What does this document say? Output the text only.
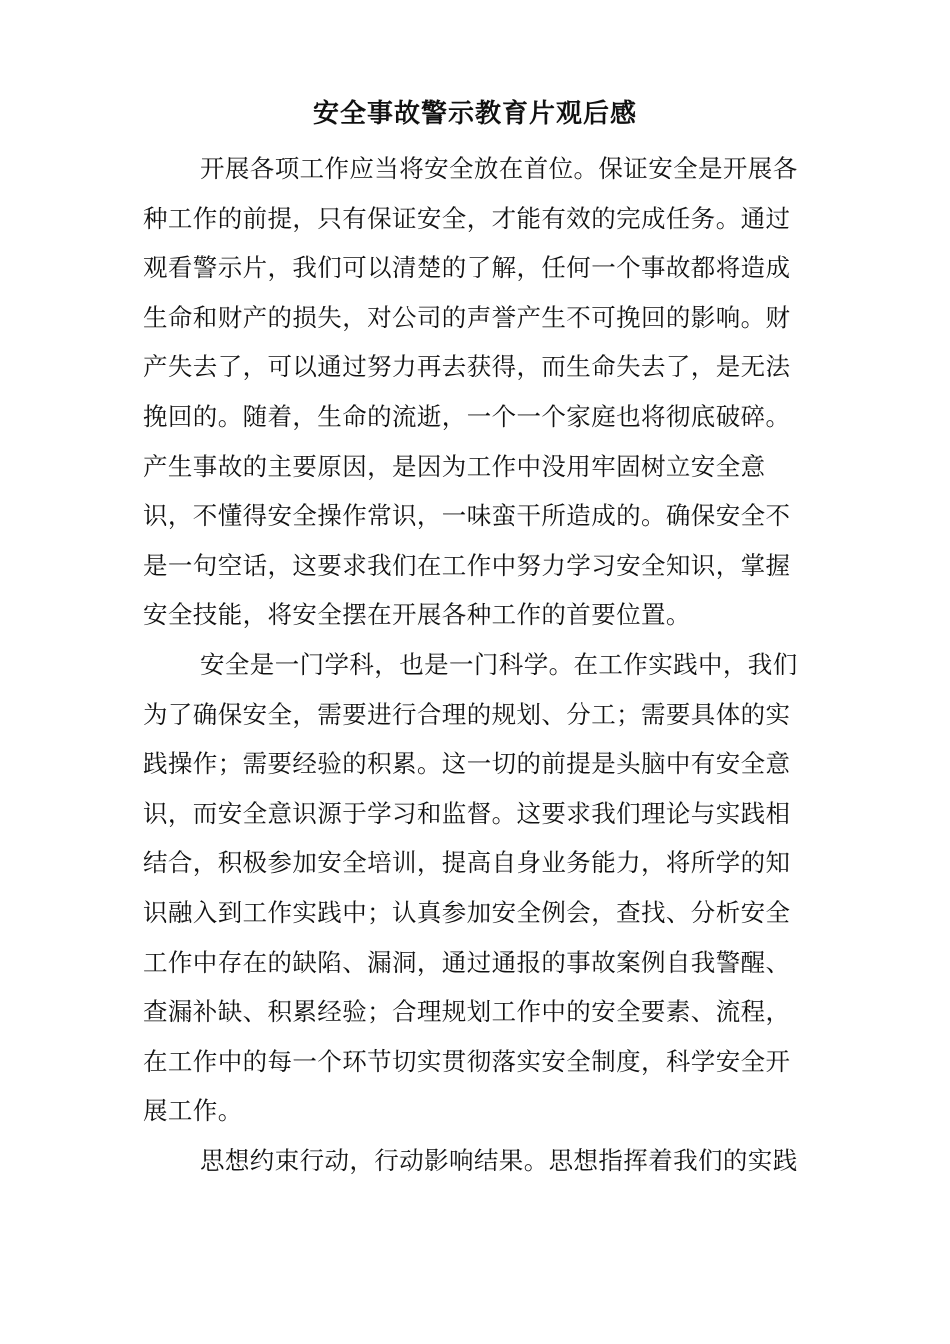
安全事故警示教育片观后感
开展各项工作应当将安全放在首位。保证安全是开展各
种工作的前提，只有保证安全，才能有效的完成任务。通过
观看警示片，我们可以清楚的了解，任何一个事故都将造成
生命和财产的损失，对公司的声誉产生不可挽回的影响。财
产失去了，可以通过努力再去获得，而生命失去了，是无法
挽回的。随着，生命的流逝，一个一个家庭也将彻底破碎。
产生事故的主要原因，是因为工作中没用牢固树立安全意
识，不懂得安全操作常识，一味蛮干所造成的。确保安全不
是一句空话，这要求我们在工作中努力学习安全知识，掌握
安全技能，将安全摆在开展各种工作的首要位置。
安全是一门学科，也是一门科学。在工作实践中，我们
为了确保安全，需要进行合理的规划、分工；需要具体的实
践操作；需要经验的积累。这一切的前提是头脑中有安全意
识，而安全意识源于学习和监督。这要求我们理论与实践相
结合，积极参加安全培训，提高自身业务能力，将所学的知
识融入到工作实践中；认真参加安全例会，查找、分析安全
工作中存在的缺陷、漏洞，通过通报的事故案例自我警醒、
查漏补缺、积累经验；合理规划工作中的安全要素、流程，
在工作中的每一个环节切实贯彻落实安全制度，科学安全开
展工作。
思想约束行动，行动影响结果。思想指挥着我们的实践
